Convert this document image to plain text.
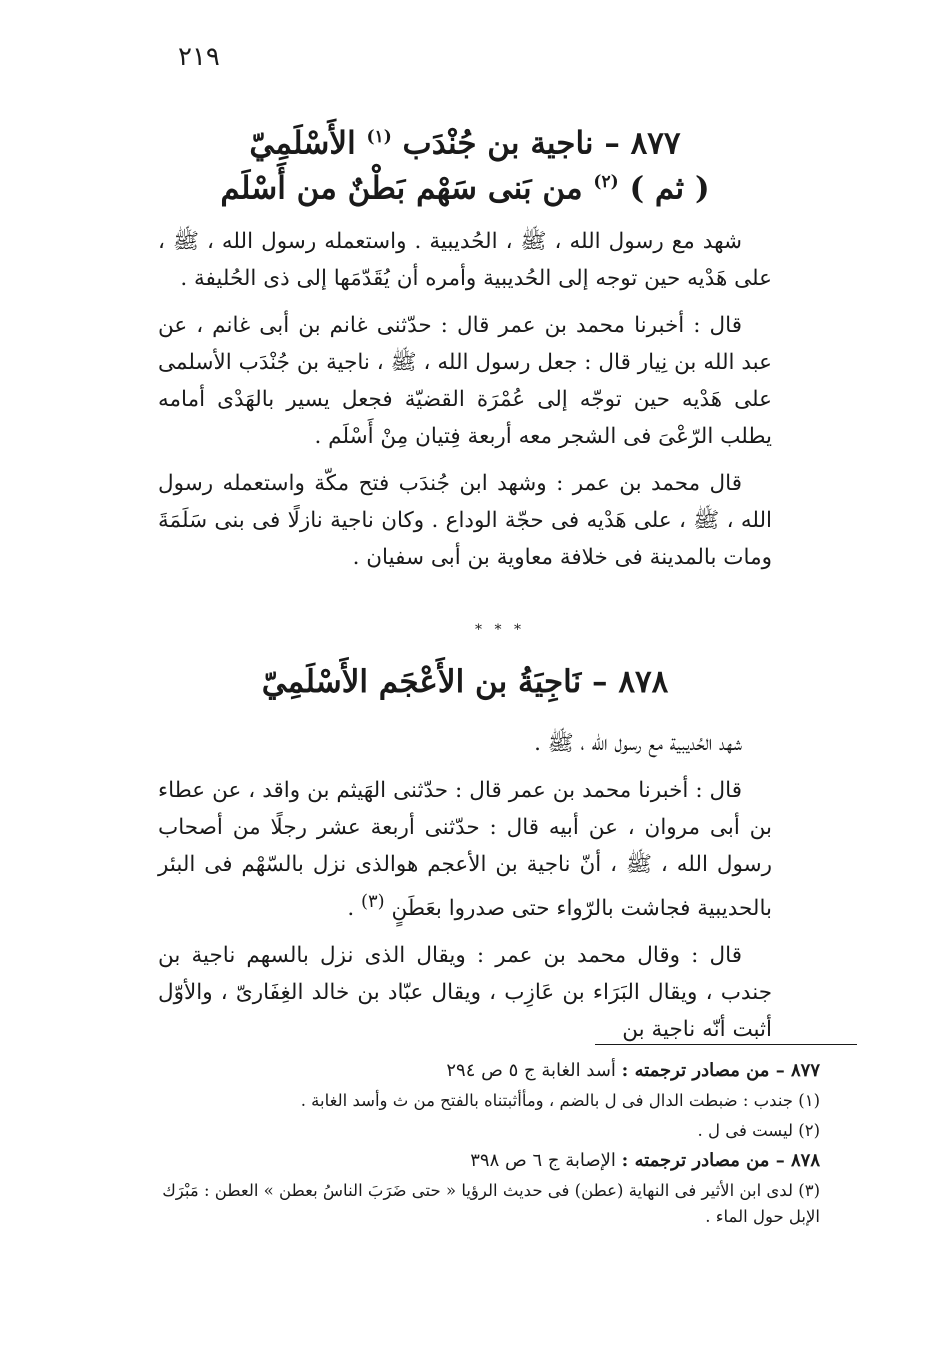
٢١٩
٨٧٧ – ناجية بن جُنْدَب $^{(١)}$ الأَسْلَمِيّ
( ثم ) $^{(٢)}$ من بَنى سَهْم بَطْنٌ من أَسْلَم

شهد مع رسول الله ، ﷺ ، الحُديبية . واستعمله رسول الله ، ﷺ ، على هَدْيه حين توجه إلى الحُديبية وأمره أن يُقَدّمَها إلى ذى الحُليفة .

قال : أخبرنا محمد بن عمر قال : حدّثنى غانم بن أبى غانم ، عن عبد الله بن نِيار قال : جعل رسول الله ، ﷺ ، ناجية بن جُنْدَب الأسلمى على هَدْيه حين توجّه إلى عُمْرَة القضيّة فجعل يسير بالهَدْى أمامه يطلب الرّعْىَ فى الشجر معه أربعة فِتيان مِنْ أَسْلَم .

قال محمد بن عمر : وشهد ابن جُندَب فتح مكّة واستعمله رسول الله ، ﷺ ، على هَدْيه فى حجّة الوداع . وكان ناجية نازلًا فى بنى سَلَمَةَ ومات بالمدينة فى خلافة معاوية بن أبى سفيان .

* * *
٨٧٨ – نَاجِيَةُ بن الأَعْجَم الأَسْلَمِيّ

شهد الحُديبية مع رسول الله ، ﷺ .

قال : أخبرنا محمد بن عمر قال : حدّثنى الهَيثم بن واقد ، عن عطاء بن أبى مروان ، عن أبيه قال : حدّثنى أربعة عشر رجلًا من أصحاب رسول الله ، ﷺ ، أنّ ناجية بن الأعجم هوالذى نزل بالسّهْم فى البئر بالحديبية فجاشت بالرّواء حتى صدروا بعَطَنٍ $^{(٣)}$ .

قال : وقال محمد بن عمر : ويقال الذى نزل بالسهم ناجية بن جندب ، ويقال البَرَاء بن عَازِب ، ويقال عبّاد بن خالد الغِفَارىّ ، والأوّل أثبت أنّه ناجية بن

٨٧٧ – من مصادر ترجمته : أسد الغابة ج ٥ ص ٢٩٤
(١) جندب : ضبطت الدال فى ل بالضم ، ومأأثبتناه بالفتح من ث وأسد الغابة .
(٢) ليست فى ل .
٨٧٨ – من مصادر ترجمته : الإصابة ج ٦ ص ٣٩٨
(٣) لدى ابن الأثير فى النهاية (عطن) فى حديث الرؤيا « حتى ضَرَبَ الناسُ بعطن » العطن : مَبْرَك الإبل حول الماء .
